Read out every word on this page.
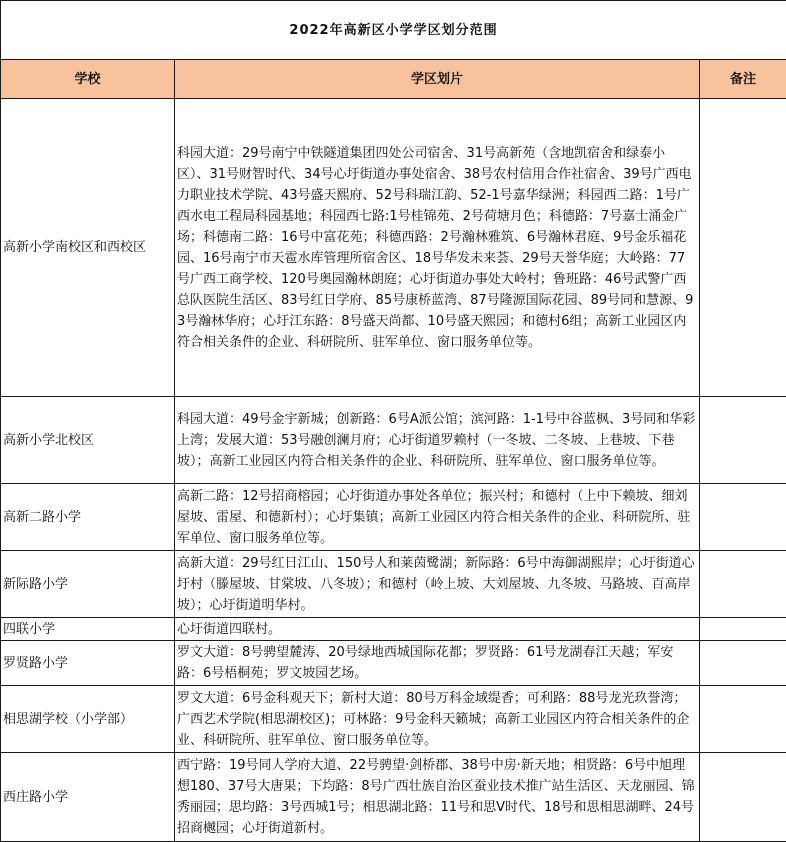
2022年高新区小学学区划分范围		
学校	学区划片	备注
高新小学南校区和西校区	科园大道：29号南宁中铁隧道集团四处公司宿舍、31号高新苑（含地凯宿舍和绿泰小区）、31号财智时代、34号心圩街道办事处宿舍、38号农村信用合作社宿舍、39号广西电力职业技术学院、43号盛天熙府、52号科瑞江韵、52-1号嘉华绿洲；科园西二路：1号广西水电工程局科园基地；科园西七路:1号桂锦苑、2号荷塘月色；科德路：7号嘉士涌金广场；科德南二路：16号中富花苑；科德西路：2号瀚林雅筑、6号瀚林君庭、9号金乐福花园、16号南宁市天雹水库管理所宿舍区、18号华发未来荟、29号天誉华庭；大岭路：77号广西工商学校、120号奥园瀚林朗庭；心圩街道办事处大岭村；鲁班路：46号武警广西总队医院生活区、83号红日学府、85号康桥蓝湾、87号隆源国际花园、89号同和慧源、93号瀚林华府；心圩江东路：8号盛天尚都、10号盛天熙园；和德村6组；高新工业园区内符合相关条件的企业、科研院所、驻军单位、窗口服务单位等。	
高新小学北校区	科园大道：49号金宇新城；创新路：6号A派公馆；滨河路：1-1号中谷蓝枫、3号同和华彩上湾；发展大道：53号融创澜月府；心圩街道罗赖村（一冬坡、二冬坡、上巷坡、下巷坡）；高新工业园区内符合相关条件的企业、科研院所、驻军单位、窗口服务单位等。	
高新二路小学	高新二路：12号招商榕园；心圩街道办事处各单位；振兴村；和德村（上中下赖坡、细刘屋坡、雷屋、和德新村）；心圩集镇；高新工业园区内符合相关条件的企业、科研院所、驻军单位、窗口服务单位等。	
新际路小学	高新大道：29号红日江山、150号人和莱茵鹭湖；新际路：6号中海御湖熙岸；心圩街道心圩村（滕屋坡、甘棠坡、八冬坡）；和德村（岭上坡、大刘屋坡、九冬坡、马路坡、百高岸坡）；心圩街道明华村。	
四联小学	心圩街道四联村。	
罗贤路小学	罗文大道：8号骋望麓涛、20号绿地西城国际花都；罗贤路：61号龙湖春江天越；军安路：6号梧桐苑；罗文坡园艺场。	
相思湖学校（小学部）	罗文大道：6号金科观天下；新村大道：80号万科金域缇香；可利路：88号龙光玖誉湾；广西艺术学院(相思湖校区)；可林路：9号金科天籁城；高新工业园区内符合相关条件的企业、科研院所、驻军单位、窗口服务单位等。	
西庄路小学	西宁路：19号同人学府大道、22号骋望·剑桥郡、38号中房·新天地；相贤路：6号中旭理想180、37号大唐果；下均路：8号广西壮族自治区蚕业技术推广站生活区、天龙丽园、锦秀丽园；思均路：3号西城1号；相思湖北路：11号和思V时代、18号和思相思湖畔、24号招商樾园；心圩街道新村。	
